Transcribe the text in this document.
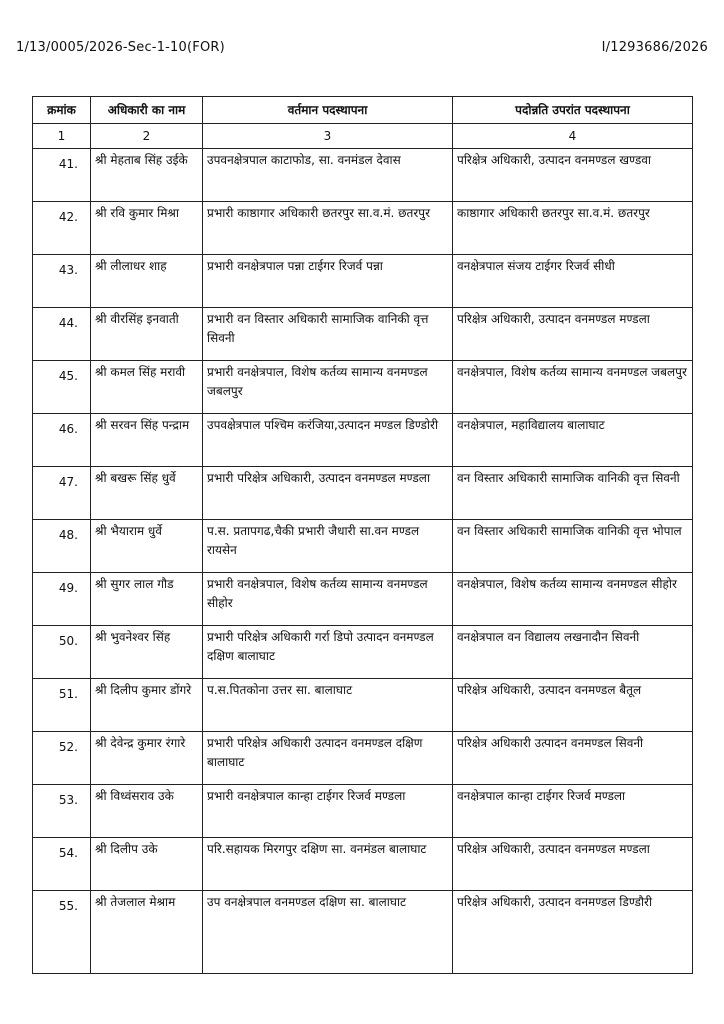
1/13/0005/2026-Sec-1-10(FOR)	I/1293686/2026
क्रमांक	अधिकारी का नाम	वर्तमान पदस्थापना	पदोन्नति उपरांत पदस्थापना
1	2	3	4
41.	श्री मेहताब सिंह उईके	उपवनक्षेत्रपाल काटाफोड, सा. वनमंडल देवास	परिक्षेत्र अधिकारी, उत्पादन वनमण्डल खण्डवा
42.	श्री रवि कुमार मिश्रा	प्रभारी काष्ठागार अधिकारी छतरपुर सा.व.मं. छतरपुर	काष्ठागार अधिकारी छतरपुर सा.व.मं. छतरपुर
43.	श्री लीलाधर शाह	प्रभारी वनक्षेत्रपाल पन्ना टाईगर रिजर्व पन्ना	वनक्षेत्रपाल संजय टाईगर रिजर्व सीधी
44.	श्री वीरसिंह इनवाती	प्रभारी वन विस्तार अधिकारी सामाजिक वानिकी वृत्त सिवनी	परिक्षेत्र अधिकारी, उत्पादन वनमण्डल मण्डला
45.	श्री कमल सिंह मरावी	प्रभारी वनक्षेत्रपाल, विशेष कर्तव्य सामान्य वनमण्डल जबलपुर	वनक्षेत्रपाल, विशेष कर्तव्य सामान्य वनमण्डल जबलपुर
46.	श्री सरवन सिंह पन्द्राम	उपवक्षेत्रपाल पश्चिम करंजिया,उत्पादन मण्डल डिण्डोरी	वनक्षेत्रपाल, महाविद्यालय बालाघाट
47.	श्री बखरू सिंह धुर्वे	प्रभारी परिक्षेत्र अधिकारी, उत्पादन वनमण्डल मण्डला	वन विस्तार अधिकारी सामाजिक वानिकी वृत्त सिवनी
48.	श्री भैयाराम धुर्वे	प.स. प्रतापगढ,चैकी प्रभारी जैधारी सा.वन मण्डल रायसेन	वन विस्तार अधिकारी सामाजिक वानिकी वृत्त भोपाल
49.	श्री सुगर लाल गौड	प्रभारी वनक्षेत्रपाल, विशेष कर्तव्य सामान्य वनमण्डल सीहोर	वनक्षेत्रपाल, विशेष कर्तव्य सामान्य वनमण्डल सीहोर
50.	श्री भुवनेश्वर सिंह	प्रभारी परिक्षेत्र अधिकारी गर्रा डिपो उत्पादन वनमण्डल दक्षिण बालाघाट	वनक्षेत्रपाल वन विद्यालय लखनादौन सिवनी
51.	श्री दिलीप कुमार डोंगरे	प.स.पितकोना उत्तर सा. बालाघाट	परिक्षेत्र अधिकारी, उत्पादन वनमण्डल बैतूल
52.	श्री देवेन्द्र कुमार रंगारे	प्रभारी परिक्षेत्र अधिकारी उत्पादन वनमण्डल दक्षिण बालाघाट	परिक्षेत्र अधिकारी उत्पादन वनमण्डल सिवनी
53.	श्री विध्वंसराव उके	प्रभारी वनक्षेत्रपाल कान्हा टाईगर रिजर्व मण्डला	वनक्षेत्रपाल कान्हा टाईगर रिजर्व मण्डला
54.	श्री दिलीप उके	परि.सहायक मिरगपुर दक्षिण सा. वनमंडल बालाघाट	परिक्षेत्र अधिकारी, उत्पादन वनमण्डल मण्डला
55.	श्री तेजलाल मेश्राम	उप वनक्षेत्रपाल वनमण्डल दक्षिण सा. बालाघाट	परिक्षेत्र अधिकारी, उत्पादन वनमण्डल डिण्डौरी
